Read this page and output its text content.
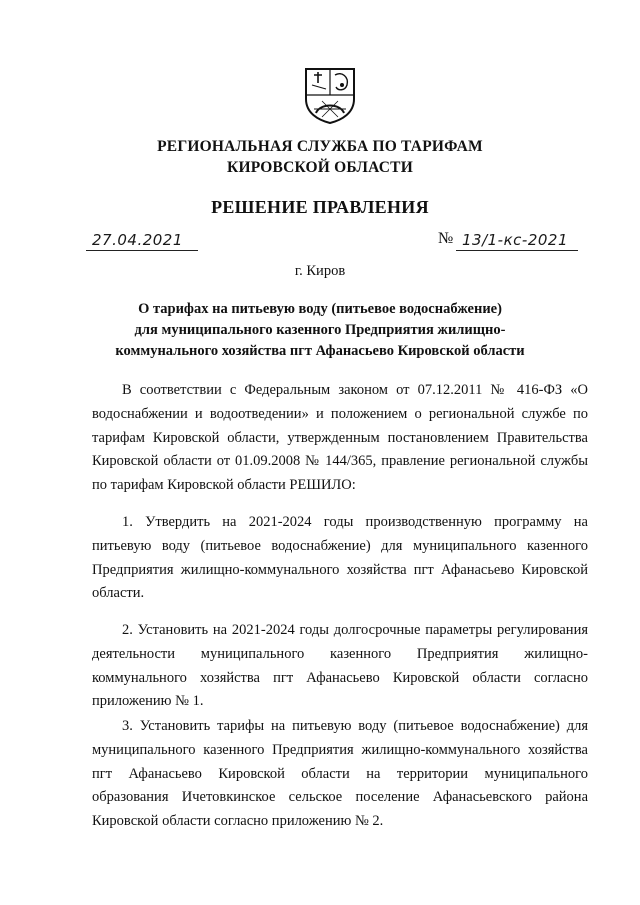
РЕГИОНАЛЬНАЯ СЛУЖБА ПО ТАРИФАМ
КИРОВСКОЙ ОБЛАСТИ
РЕШЕНИЕ ПРАВЛЕНИЯ
27.04.2021	№ 13/1-кс-2021
г. Киров
О тарифах на питьевую воду (питьевое водоснабжение)
для муниципального казенного Предприятия жилищно-
коммунального хозяйства пгт Афанасьево Кировской области

В соответствии с Федеральным законом от 07.12.2011 № 416-ФЗ «О водоснабжении и водоотведении» и положением о региональной службе по тарифам Кировской области, утвержденным постановлением Правительства Кировской области от 01.09.2008 № 144/365, правление региональной службы по тарифам Кировской области РЕШИЛО:

1. Утвердить на 2021-2024 годы производственную программу на питьевую воду (питьевое водоснабжение) для муниципального казенного Предприятия жилищно-коммунального хозяйства пгт Афанасьево Кировской области.

2. Установить на 2021-2024 годы долгосрочные параметры регулирования деятельности муниципального казенного Предприятия жилищно-коммунального хозяйства пгт Афанасьево Кировской области согласно приложению № 1.

3. Установить тарифы на питьевую воду (питьевое водоснабжение) для муниципального казенного Предприятия жилищно-коммунального хозяйства пгт Афанасьево Кировской области на территории муниципального образования Ичетовкинское сельское поселение Афанасьевского района Кировской области согласно приложению № 2.
